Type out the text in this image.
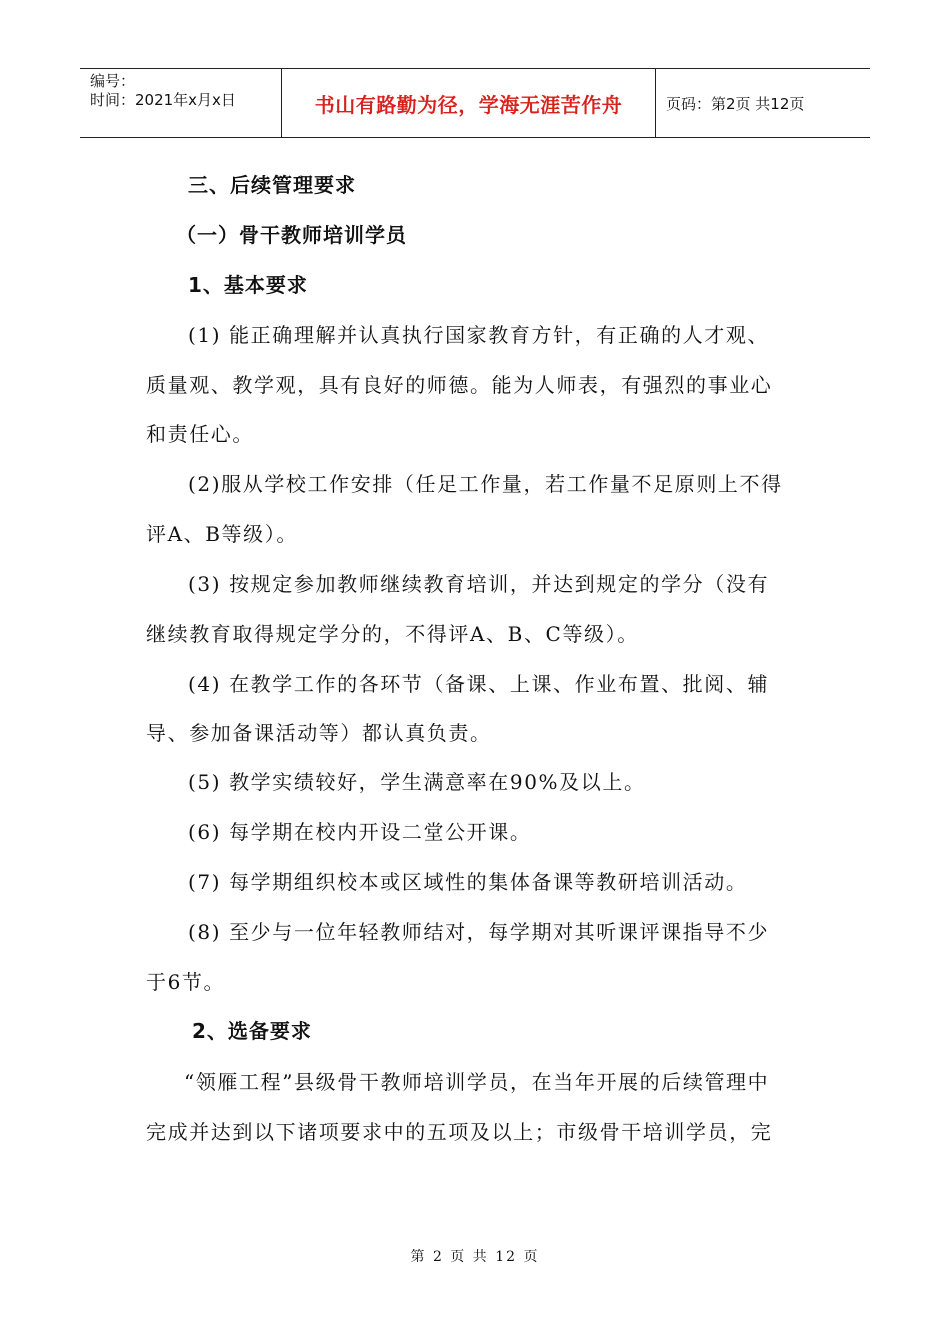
编号：
时间：2021年x月x日	书山有路勤为径，学海无涯苦作舟	页码：第2页 共12页
三、后续管理要求
（一）骨干教师培训学员
1、基本要求
(1) 能正确理解并认真执行国家教育方针，有正确的人才观、
质量观、教学观，具有良好的师德。能为人师表，有强烈的事业心
和责任心。
(2)服从学校工作安排（任足工作量，若工作量不足原则上不得
评A、B等级）。
(3) 按规定参加教师继续教育培训，并达到规定的学分（没有
继续教育取得规定学分的，不得评A、B、C等级）。
(4) 在教学工作的各环节（备课、上课、作业布置、批阅、辅
导、参加备课活动等）都认真负责。
(5) 教学实绩较好，学生满意率在90%及以上。
(6) 每学期在校内开设二堂公开课。
(7) 每学期组织校本或区域性的集体备课等教研培训活动。
(8) 至少与一位年轻教师结对，每学期对其听课评课指导不少
于6节。
2、选备要求
“领雁工程”县级骨干教师培训学员，在当年开展的后续管理中
完成并达到以下诸项要求中的五项及以上；市级骨干培训学员，完
第 2 页 共 12 页
